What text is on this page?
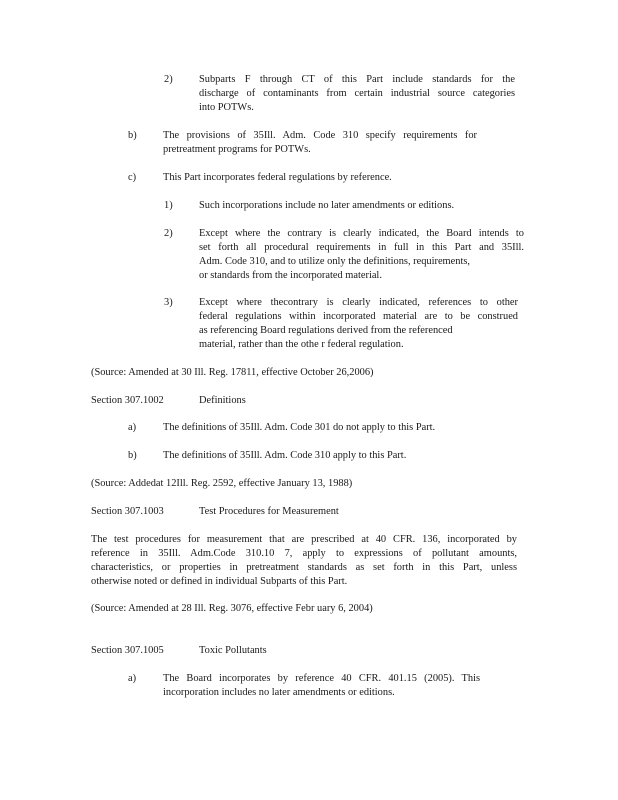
2)	Subparts F through CT of this Part include standards for the
discharge of contaminants from certain industrial source categories
into POTWs.
b)	The provisions of 35Ill. Adm. Code 310 specify requirements for
pretreatment programs for POTWs.
c)	This Part incorporates federal regulations by reference.
1)	Such incorporations include no later amendments or editions.
2)	Except where the contrary is clearly indicated, the Board intends to
set forth all procedural requirements in full in this Part and 35Ill.
Adm. Code 310, and to utilize only the definitions, requirements,
or standards from the incorporated material.
3)	Except where thecontrary is clearly indicated, references to other
federal regulations within incorporated material are to be construed
as referencing Board regulations derived from the referenced
material, rather than the othe r federal regulation.
(Source: Amended at 30 Ill. Reg. 17811, effective October 26,2006)
Section 307.1002	Definitions
a)	The definitions of 35Ill. Adm. Code 301 do not apply to this Part.
b)	The definitions of 35Ill. Adm. Code 310 apply to this Part.
(Source: Addedat 12Ill. Reg. 2592, effective January 13, 1988)
Section 307.1003	Test Procedures for Measurement
The test procedures for measurement that are prescribed at 40 CFR. 136, incorporated by
reference in 35Ill. Adm.Code 310.10 7, apply to expressions of pollutant amounts,
characteristics, or properties in pretreatment standards as set forth in this Part, unless
otherwise noted or defined in individual Subparts of this Part.
(Source: Amended at 28 Ill. Reg. 3076, effective Febr uary 6, 2004)
Section 307.1005	Toxic Pollutants
a)	The Board incorporates by reference 40 CFR. 401.15 (2005). This
incorporation includes no later amendments or editions.
